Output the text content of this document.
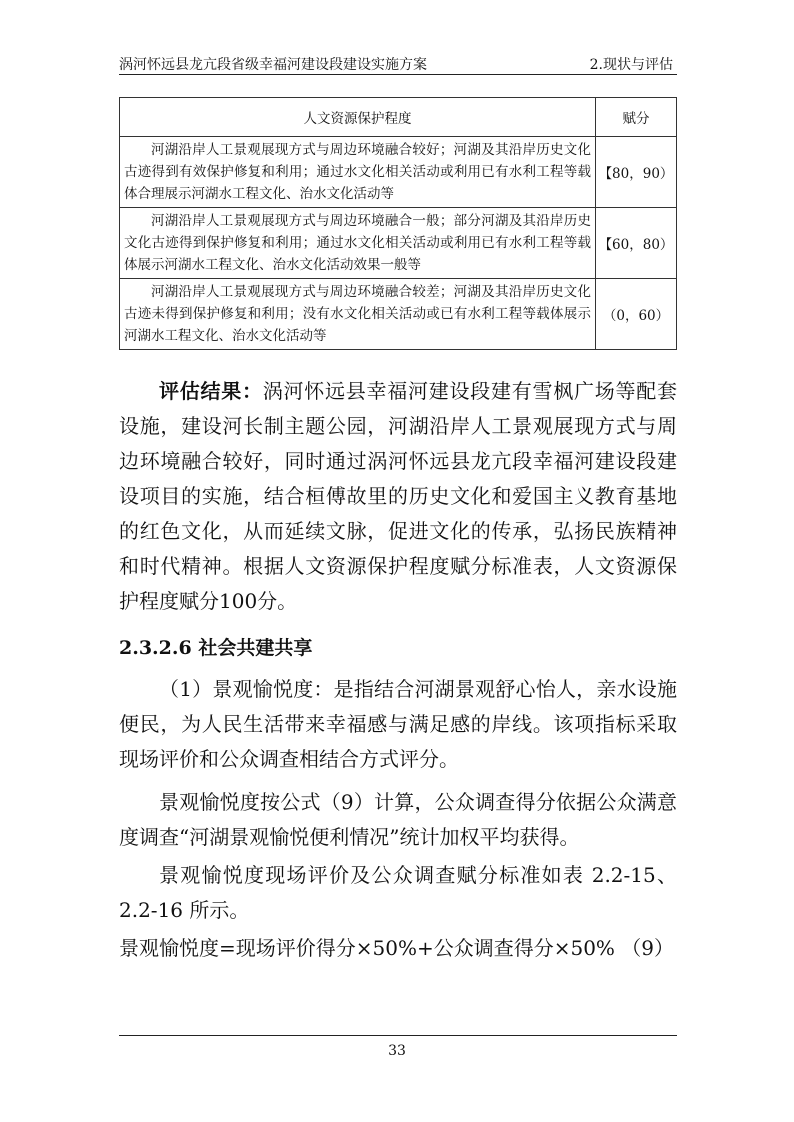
涡河怀远县龙亢段省级幸福河建设段建设实施方案	2.现状与评估
人文资源保护程度	赋分
河湖沿岸人工景观展现方式与周边环境融合较好；河湖及其沿岸历史文化古迹得到有效保护修复和利用；通过水文化相关活动或利用已有水利工程等载体合理展示河湖水工程文化、治水文化活动等	【80，90）
河湖沿岸人工景观展现方式与周边环境融合一般；部分河湖及其沿岸历史文化古迹得到保护修复和利用；通过水文化相关活动或利用已有水利工程等载体展示河湖水工程文化、治水文化活动效果一般等	【60，80）
河湖沿岸人工景观展现方式与周边环境融合较差；河湖及其沿岸历史文化古迹未得到保护修复和利用；没有水文化相关活动或已有水利工程等载体展示河湖水工程文化、治水文化活动等	（0，60）
评估结果：涡河怀远县幸福河建设段建有雪枫广场等配套设施，建设河长制主题公园，河湖沿岸人工景观展现方式与周边环境融合较好，同时通过涡河怀远县龙亢段幸福河建设段建设项目的实施，结合桓傅故里的历史文化和爱国主义教育基地的红色文化，从而延续文脉，促进文化的传承，弘扬民族精神和时代精神。根据人文资源保护程度赋分标准表，人文资源保护程度赋分100分。
2.3.2.6 社会共建共享
（1）景观愉悦度：是指结合河湖景观舒心怡人，亲水设施便民，为人民生活带来幸福感与满足感的岸线。该项指标采取现场评价和公众调查相结合方式评分。
景观愉悦度按公式（9）计算，公众调查得分依据公众满意度调查“河湖景观愉悦便利情况”统计加权平均获得。
景观愉悦度现场评价及公众调查赋分标准如表 2.2-15、2.2-16 所示。
景观愉悦度=现场评价得分×50%+公众调查得分×50% （9）
33
